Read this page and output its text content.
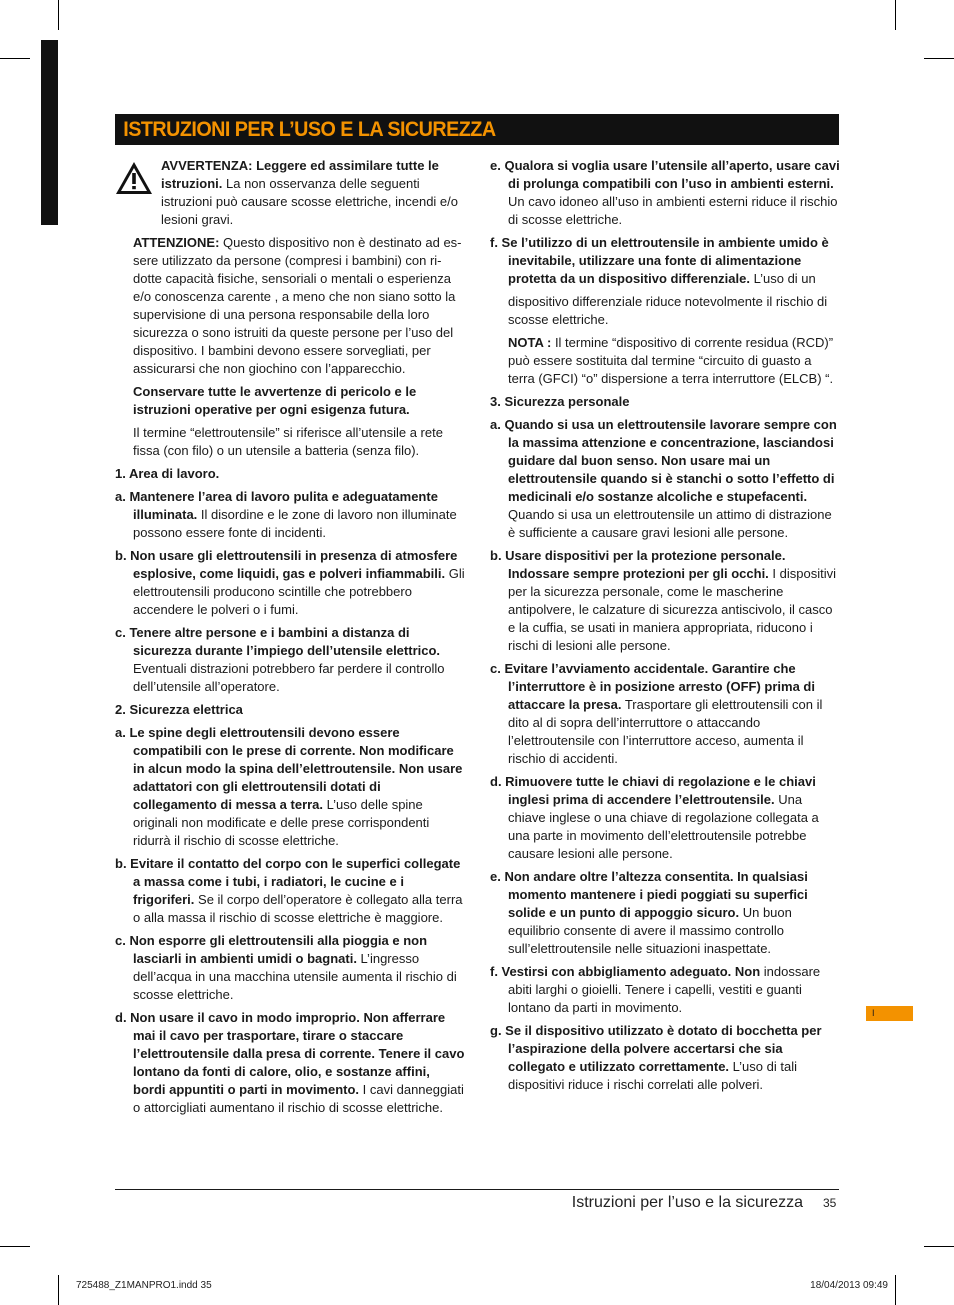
ISTRUZIONI PER L’USO E LA SICUREZZA

AVVERTENZA: Leggere ed assimilare tutte le istruzioni. La non osservanza delle seguenti istruzioni può causare scosse elettriche, incendi e/o lesioni gravi.

ATTENZIONE: Questo dispositivo non è destinato ad es-sere utilizzato da persone (compresi i bambini) con ri-dotte capacità fisiche, sensoriali o mentali o esperienza e/o conoscenza carente , a meno che non siano sotto la supervisione di una persona responsabile della loro sicurezza o sono istruiti da queste persone per l’uso del dispositivo. I bambini devono essere sorvegliati, per assicurarsi che non giochino con l’apparecchio.

Conservare tutte le avvertenze di pericolo e le istruzioni operative per ogni esigenza futura.

Il termine “elettroutensile” si riferisce all’utensile a rete fissa (con filo) o un utensile a batteria (senza filo).

1. Area di lavoro.

a. Mantenere l’area di lavoro pulita e adeguatamente illuminata. Il disordine e le zone di lavoro non illuminate possono essere fonte di incidenti.

b. Non usare gli elettroutensili in presenza di atmosfere esplosive, come liquidi, gas e polveri infiammabili. Gli elettroutensili producono scintille che potrebbero accendere le polveri o i fumi.

c. Tenere altre persone e i bambini a distanza di sicurezza durante l’impiego dell’utensile elettrico. Eventuali distrazioni potrebbero far perdere il controllo dell’utensile all’operatore.

2. Sicurezza elettrica

a. Le spine degli elettroutensili devono essere compatibili con le prese di corrente. Non modificare in alcun modo la spina dell’elettroutensile. Non usare adattatori con gli elettroutensili dotati di collegamento di messa a terra. L’uso delle spine originali non modificate e delle prese corrispondenti ridurrà il rischio di scosse elettriche.

b. Evitare il contatto del corpo con le superfici collegate a massa come i tubi, i radiatori, le cucine e i frigoriferi. Se il corpo dell’operatore è collegato alla terra o alla massa il rischio di scosse elettriche è maggiore.

c. Non esporre gli elettroutensili alla pioggia e non lasciarli in ambienti umidi o bagnati. L’ingresso dell’acqua in una macchina utensile aumenta il rischio di scosse elettriche.

d. Non usare il cavo in modo improprio. Non afferrare mai il cavo per trasportare, tirare o staccare l’elettroutensile dalla presa di corrente. Tenere il cavo lontano da fonti di calore, olio, e sostanze affini, bordi appuntiti o parti in movimento. I cavi danneggiati o attorcigliati aumentano il rischio di scosse elettriche.

e. Qualora si voglia usare l’utensile all’aperto, usare cavi di prolunga compatibili con l’uso in ambienti esterni. Un cavo idoneo all’uso in ambienti esterni riduce il rischio di scosse elettriche.

f. Se l’utilizzo di un elettroutensile in ambiente umido è inevitabile, utilizzare una fonte di alimentazione protetta da un dispositivo differenziale. L’uso di un

dispositivo differenziale riduce notevolmente il rischio di scosse elettriche.

NOTA : Il termine “dispositivo di corrente residua (RCD)” può essere sostituita dal termine “circuito di guasto a terra (GFCI) “o” dispersione a terra interruttore (ELCB) “.

3. Sicurezza personale

a. Quando si usa un elettroutensile lavorare sempre con la massima attenzione e concentrazione, lasciandosi guidare dal buon senso. Non usare mai un elettroutensile quando si è stanchi o sotto l’effetto di medicinali e/o sostanze alcoliche e stupefacenti. Quando si usa un elettroutensile un attimo di distrazione è sufficiente a causare gravi lesioni alle persone.

b. Usare dispositivi per la protezione personale. Indossare sempre protezioni per gli occhi. I dispositivi per la sicurezza personale, come le mascherine antipolvere, le calzature di sicurezza antiscivolo, il casco e la cuffia, se usati in maniera appropriata, riducono i rischi di lesioni alle persone.

c. Evitare l’avviamento accidentale. Garantire che l’interruttore è in posizione arresto (OFF) prima di attaccare la presa. Trasportare gli elettroutensili con il dito al di sopra dell’interruttore o attaccando l’elettroutensile con l’interruttore acceso, aumenta il rischio di accidenti.

d. Rimuovere tutte le chiavi di regolazione e le chiavi inglesi prima di accendere l’elettroutensile. Una chiave inglese o una chiave di regolazione collegata a una parte in movimento dell’elettroutensile potrebbe causare lesioni alle persone.

e. Non andare oltre l’altezza consentita. In qualsiasi momento mantenere i piedi poggiati su superfici solide e un punto di appoggio sicuro. Un buon equilibrio consente di avere il massimo controllo sull’elettroutensile nelle situazioni inaspettate.

f. Vestirsi con abbigliamento adeguato. Non indossare abiti larghi o gioielli. Tenere i capelli, vestiti e guanti lontano da parti in movimento.

g. Se il dispositivo utilizzato è dotato di bocchetta per l’aspirazione della polvere accertarsi che sia collegato e utilizzato correttamente. L’uso di tali dispositivi riduce i rischi correlati alle polveri.

I
Istruzioni per l’uso e la sicurezza 35
725488_Z1MANPRO1.indd 35	18/04/2013 09:49
